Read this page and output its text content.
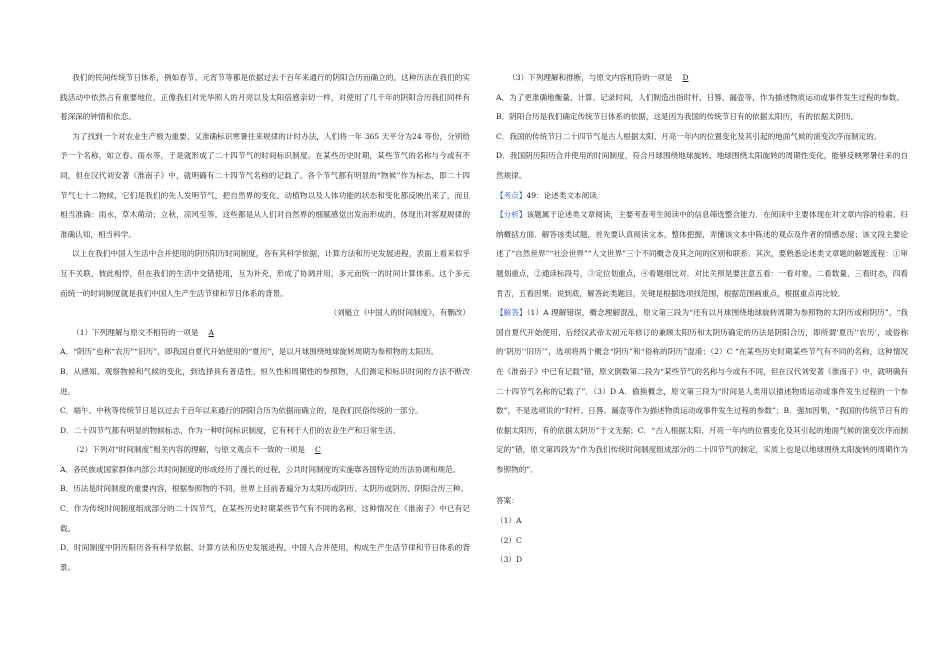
我们的民间传统节日体系，例如春节、元宵节等都是依据过去千百年来通行的阴阳合历而确立的。这种历法在我们的实践活动中依然占有重要地位，正像我们对光华照人的月亮以及太阳倍感亲切一样，对使用了几千年的阴阳合历我们同样有着深深的钟情和依恋。

为了找到一个对农业生产极为重要、又准确标识寒暑往来规律的计时办法，人们将一年 365 天平分为24 等份，分别给予一个名称，如立春、雨水等，于是就形成了二十四节气的时间标识制度。在某些历史时期，某些节气的名称与今或有不同，但在汉代刘安著《淮南子》中，就明确有二十四节气名称的记载了。各个节气都有明显的“物候”作为标志，即二十四节气七十二物候，它们是我们的先人发明节气，把自然界的变化、动植物以及人体功能的状态和变化都反映出来了，而且相当准确：雨水，草木萌动；立秋，凉风至等，这些都是从人们对自然界的细腻感觉出发而形成的，体现出对客观规律的准确认知，相当科学。

以上在我们中国人生活中合并使用的阴历阳历时间制度，各有其科学依据，计算方法和历史发展进程，表面上看来似乎互不关联，彼此相悖，但在我们的生活中交错使用，互为补充，形成了协调并用，多元而统一的时间计算体系。这个多元而统一的时间制度就是我们中国人生产生活节律和节日体系的背景。

（刘魁立《中国人的时间制度》，有删改）

（1）下列理解与原文不相符的一项是 A

A．“阴历”也称“农历”“旧历”，即我国自夏代开始使用的“夏历”，是以月球围绕地球旋转周期为参照物的太阳历。

B．从感知、观察物候和气候的变化，到选择具有普适性、恒久性和周期性的参照物，人们测定和标识时间的方法不断改进。

C．端午、中秋等传统节日是以过去千百年以来通行的阴阳合历为依据而确立的，是我们民俗传统的一部分。

D．二十四节气都有明显的物候标志，作为一种时间标识制度，它有利于人们的农业生产和日常生活。

（2）下列对“时间制度”相关内容的理解，与原文观点不一致的一项是 C

A．各民族或国家群体内部公共时间制度的形成经历了漫长的过程，公共时间制度的实施靠各国特定的历法协调和规范。

B．历法是时间制度的重要内容，根据参照物的不同，世界上目前普遍分为太阳历或阴历、太阴历或阴历、阴阳合历三种。

C．作为传统时间制度组成部分的二十四节气，在某些历史时期某些节气有不同的名称，这种情况在《淮南子》中已有记载。

D．时间制度中阴历阳历各有科学依据、计算方法和历史发展进程，中国人合并使用，构成生产生活节律和节日体系的背景。

（3）下列理解和推断，与原文内容相符的一项是 D

A．为了更准确地衡量、计算、记录时间，人们制造出指时杆、日晷、漏壶等，作为描述物质运动或事件发生过程的参数。

B．阴阳合历是我们确定传统节日体系的依据，这是因为我国的传统节日有的依据太阳历，有的依据太阴历。

C．我国的传统节日二十四节气是古人根据太阳、月亮一年内的位置变化及其引起的地面气候的演变次序而制定的。

D．我国阴历阳历合并使用的时间制度，符合月球围绕地球旋转、地球围绕太阳旋转的周期性变化，能够反映寒暑往来的自然规律。

【考点】49：论述类文本阅读．

【分析】该题属于论述类文章阅读，主要考查考生阅读中的信息筛选整合能力．在阅读中主要体现在对文章内容的检索、归纳概括方面．解答该类试题，首先要认真阅读文本，整体把握，弄懂该文本中陈述的观点及作者的情感态度；该文段主要论述了“自然世界”“社会世界”“人文世界”三个不同概念及其之间的区别和联系．其次，要熟悉论述类文章题的解题流程：①审题划重点，②通读标段号，③定位划重点，④看题细比对．对比关照是要注意五看：一看对象，二看数量，三看时态，四看肯否，五看因果．说到底，解答此类题目，关键是根据选项找范围，根据范围画重点，根据重点再比较．

【解答】（1）A 理解错误，概念理解混乱，原文第三段为“还有以月球围绕地球旋转周期为参照物的太阴历或称阴历”，“我国自夏代开始使用、后经汉武帝太初元年修订的兼顾太阳历和太阴历确定的历法是阴阳合历，即所谓‘夏历’‘农历’，或俗称的‘阴历’‘旧历’”，选项将两个概念“阴历”和“俗称的阴历”混淆；（2）C “在某些历史时期某些节气有不同的名称，这种情况在《淮南子》中已有记载”错，原文倒数第二段为“某些节气的名称与今或有不同，但在汉代刘安著《淮南子》中，就明确有二十四节气名称的记载了”．（3）D A．偷换概念，原文第三段为“时间是人类用以描述物质运动或事件发生过程的一个参数”，不是选项说的“时杆、日晷、漏壶等作为描述物质运动或事件发生过程的参数”；B．强加因果，“我国的传统节日有的依据太阳历，有的依据太阴历”于文无据；C．“古人根据太阳、月亮一年内的位置变化及其引起的地面气候的演变次序而制定的”错，原文第四段为“作为我们传统时间制度组成部分的二十四节气的制定，实质上也是以地球围绕太阳旋转的周期作为参照物的”．

答案：

（1）A

（2）C

（3）D
